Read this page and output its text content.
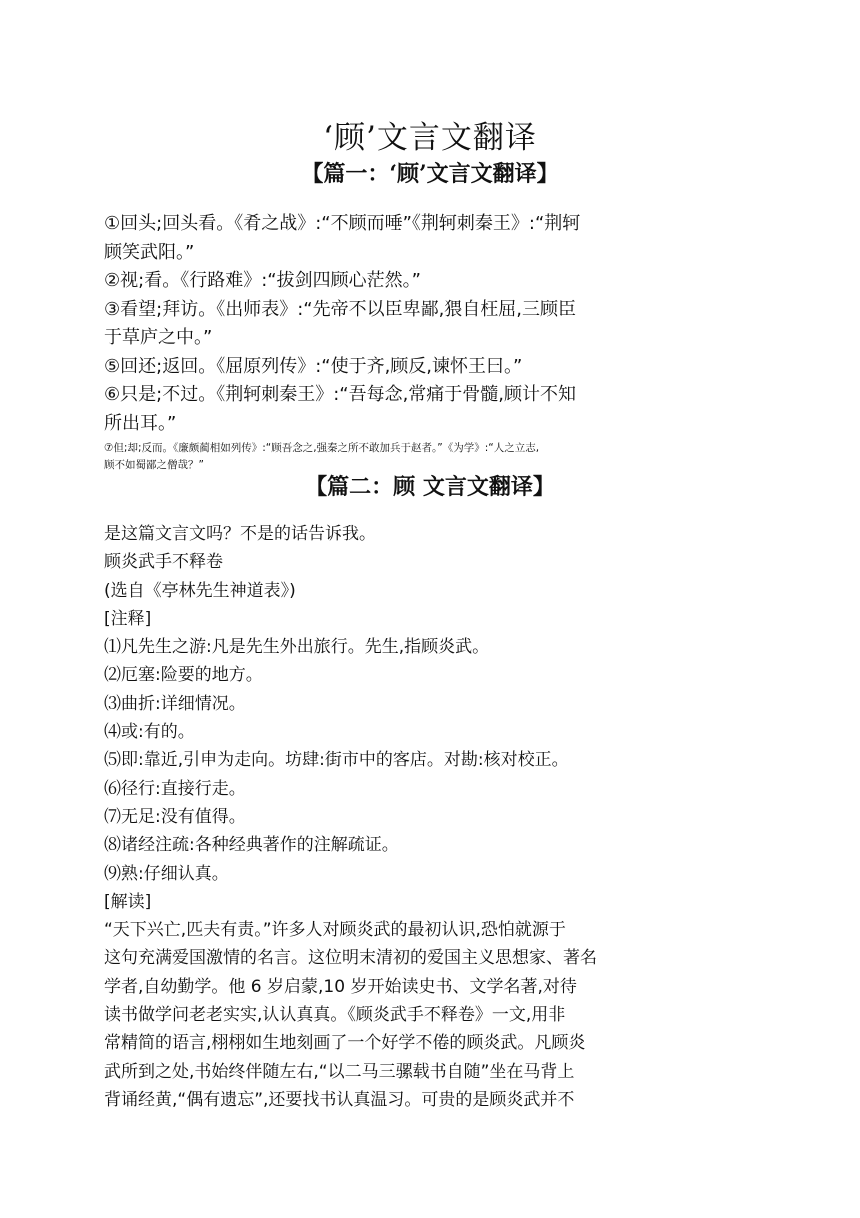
‘顾’文言文翻译
【篇一：‘顾’文言文翻译】
①回头;回头看。《肴之战》:“不顾而唾”《荆轲刺秦王》:“荆轲
顾笑武阳。”
②视;看。《行路难》:“拔剑四顾心茫然。”
③看望;拜访。《出师表》:“先帝不以臣卑鄙,猥自枉屈,三顾臣
于草庐之中。”
⑤回还;返回。《屈原列传》:“使于齐,顾反,谏怀王曰。”
⑥只是;不过。《荆轲刺秦王》:“吾每念,常痛于骨髓,顾计不知
所出耳。”
⑦但;却;反而。《廉颇蔺相如列传》:“顾吾念之,强秦之所不敢加兵于赵者。”《为学》:“人之立志,
顾不如蜀鄙之僧哉？”
【篇二：顾 文言文翻译】
是这篇文言文吗？不是的话告诉我。
顾炎武手不释卷
(选自《亭林先生神道表》)
[注释]
⑴凡先生之游:凡是先生外出旅行。先生,指顾炎武。
⑵厄塞:险要的地方。
⑶曲折:详细情况。
⑷或:有的。
⑸即:靠近,引申为走向。坊肆:街市中的客店。对勘:核对校正。
⑹径行:直接行走。
⑺无足:没有值得。
⑻诸经注疏:各种经典著作的注解疏证。
⑼熟:仔细认真。
[解读]
“天下兴亡,匹夫有责。”许多人对顾炎武的最初认识,恐怕就源于
这句充满爱国激情的名言。这位明末清初的爱国主义思想家、著名
学者,自幼勤学。他 6 岁启蒙,10 岁开始读史书、文学名著,对待
读书做学问老老实实,认认真真。《顾炎武手不释卷》一文,用非
常精简的语言,栩栩如生地刻画了一个好学不倦的顾炎武。凡顾炎
武所到之处,书始终伴随左右,“以二马三骡载书自随”坐在马背上
背诵经黄,“偶有遗忘”,还要找书认真温习。可贵的是顾炎武并不
